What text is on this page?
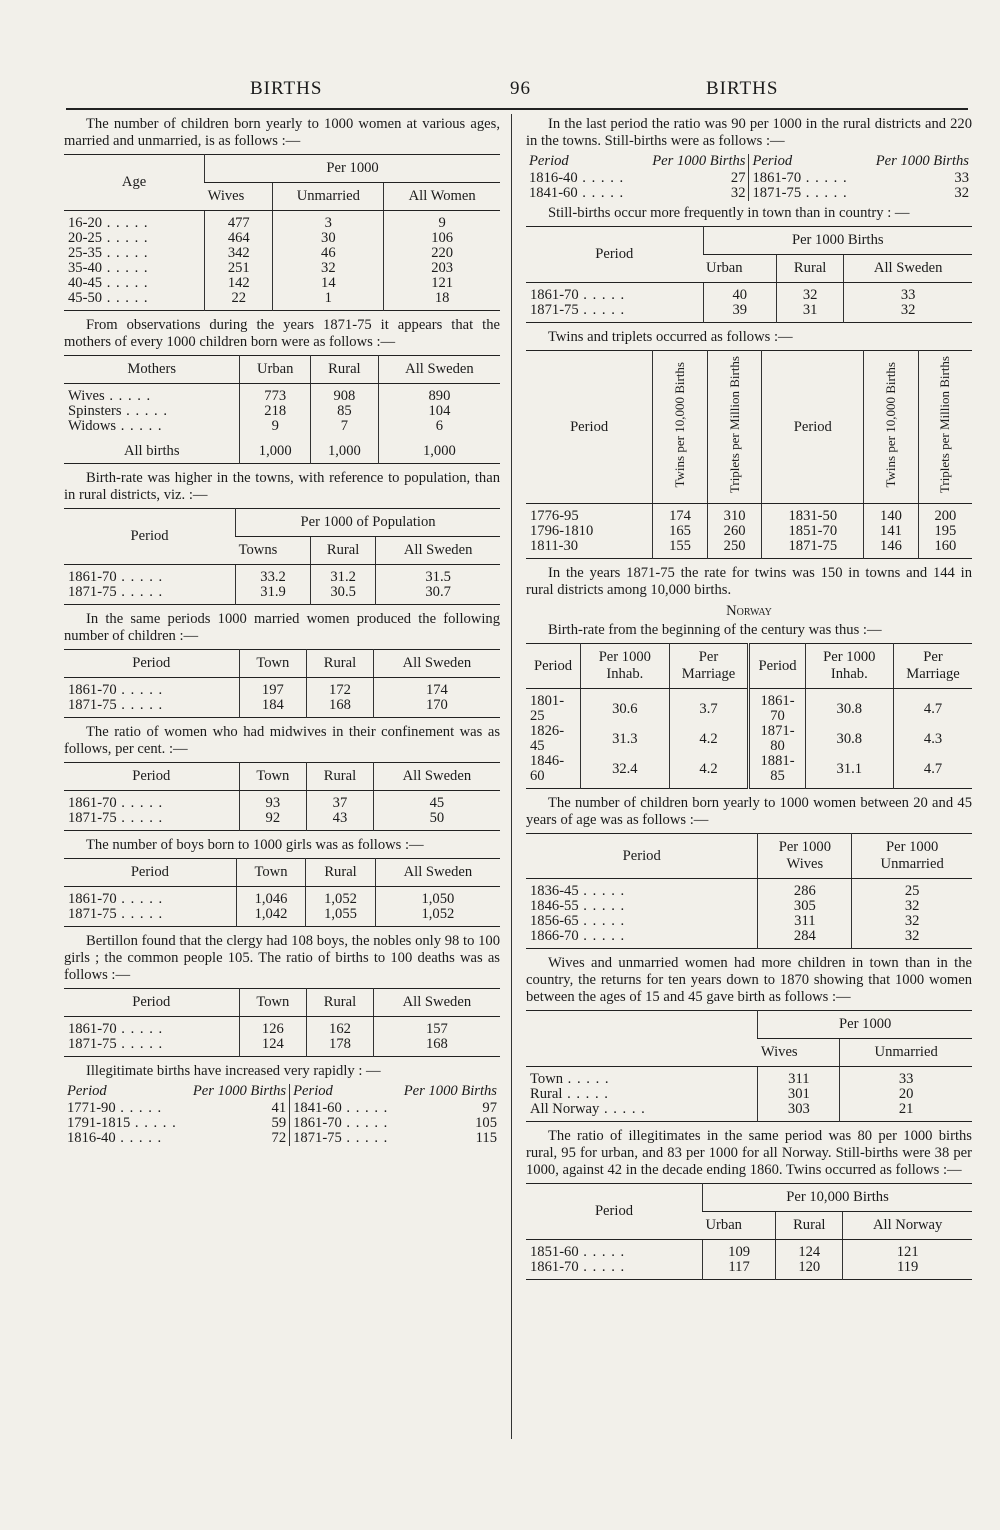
BIRTHS	96	BIRTHS

The number of children born yearly to 1000 women at various ages, married and unmarried, is as follows :—

Age	Per 1000		
	Wives	Unmarried	All Women
16-20 . .	477	3	9
20-25 . .	464	30	106
25-35 . .	342	46	220
35-40 . .	251	32	203
40-45 . .	142	14	121
45-50 . .	22	1	18

From observations during the years 1871-75 it appears that the mothers of every 1000 children born were as follows :—

Mothers	Urban	Rural	All Sweden
Wives . .	773	908	890
Spinsters . .	218	85	104
Widows . .	9	7	6
All births	1,000	1,000	1,000

Birth-rate was higher in the towns, with reference to population, than in rural districts, viz. :—

Period	Per 1000 of Population		
	Towns	Rural	All Sweden
1861-70 . .	33.2	31.2	31.5
1871-75 . .	31.9	30.5	30.7

In the same periods 1000 married women produced the following number of children :—

Period	Town	Rural	All Sweden
1861-70 . .	197	172	174
1871-75 . .	184	168	170

The ratio of women who had midwives in their confinement was as follows, per cent. :—

Period	Town	Rural	All Sweden
1861-70 . .	93	37	45
1871-75 . .	92	43	50

The number of boys born to 1000 girls was as follows :—

Period	Town	Rural	All Sweden
1861-70 . .	1,046	1,052	1,050
1871-75 . .	1,042	1,055	1,052

Bertillon found that the clergy had 108 boys, the nobles only 98 to 100 girls ; the common people 105. The ratio of births to 100 deaths was as follows :—

Period	Town	Rural	All Sweden
1861-70 . .	126	162	157
1871-75 . .	124	178	168

Illegitimate births have increased very rapidly : —

Period	Per 1000 Births	Period	Per 1000 Births
1771-90 . .	41	1841-60 . .	97
1791-1815 . .	59	1861-70 . .	105
1816-40 . .	72	1871-75 . .	115

In the last period the ratio was 90 per 1000 in the rural districts and 220 in the towns. Still-births were as follows :—

Period	Per 1000 Births	Period	Per 1000 Births
1816-40 . .	27	1861-70 . .	33
1841-60 . .	32	1871-75 . .	32

Still-births occur more frequently in town than in country : —

Period	Per 1000 Births		
	Urban	Rural	All Sweden
1861-70 . .	40	32	33
1871-75 . .	39	31	32

Twins and triplets occurred as follows :—

Period	Twins per 10,000 Births	Triplets per Million Births	Period	Twins per 10,000 Births	Triplets per Million Births
1776-95	174	310	1831-50	140	200
1796-1810	165	260	1851-70	141	195
1811-30	155	250	1871-75	146	160

In the years 1871-75 the rate for twins was 150 in towns and 144 in rural districts among 10,000 births.

Norway

Birth-rate from the beginning of the century was thus :—

Period	Per 1000 Inhab.	Per Marriage	Period	Per 1000 Inhab.	Per Marriage
1801-25	30.6	3.7	1861-70	30.8	4.7
1826-45	31.3	4.2	1871-80	30.8	4.3
1846-60	32.4	4.2	1881-85	31.1	4.7

The number of children born yearly to 1000 women between 20 and 45 years of age was as follows :—

Period	Per 1000 Wives	Per 1000 Unmarried
1836-45 . .	286	25
1846-55 . .	305	32
1856-65 . .	311	32
1866-70 . .	284	32

Wives and unmarried women had more children in town than in the country, the returns for ten years down to 1870 showing that 1000 women between the ages of 15 and 45 gave birth as follows :—

	Per 1000	
	Wives	Unmarried
Town . .	311	33
Rural . .	301	20
All Norway . .	303	21

The ratio of illegitimates in the same period was 80 per 1000 births rural, 95 for urban, and 83 per 1000 for all Norway. Still-births were 38 per 1000, against 42 in the decade ending 1860. Twins occurred as follows :—

Period	Per 10,000 Births		
	Urban	Rural	All Norway
1851-60 . .	109	124	121
1861-70 . .	117	120	119
